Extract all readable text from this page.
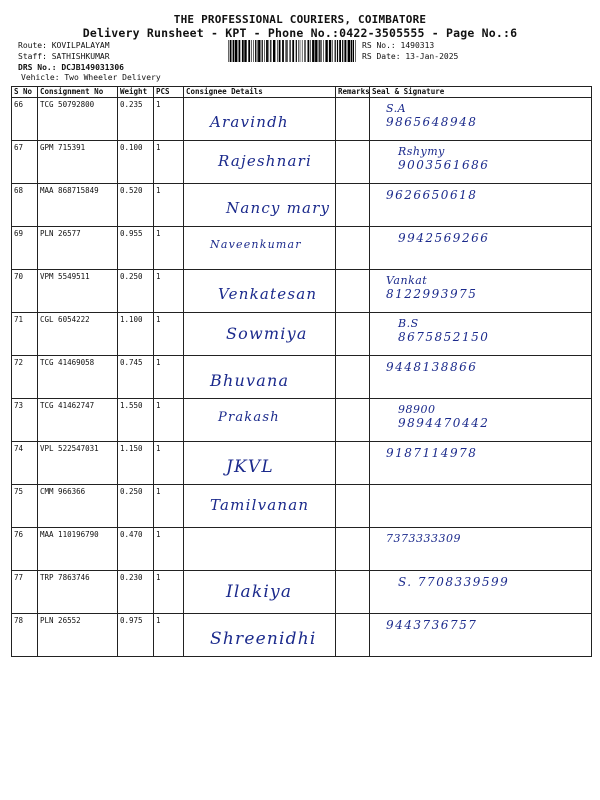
THE PROFESSIONAL COURIERS, COIMBATORE
Delivery Runsheet - KPT - Phone No.:0422-3505555 - Page No.:6
Route: KOVILPALAYAM
Staff: SATHISHKUMAR
DRS No.: DCJB149031306
Vehicle: Two Wheeler Delivery
RS No.: 1490313
RS Date: 13-Jan-2025
S No	Consignment No	Weight	PCS	Consignee Details	Remarks	Seal & Signature
66	TCG 50792800	0.235	1	Aravindh		S.A
9865648948

67	GPM 715391	0.100	1	Rajeshnari		Rshymy
9003561686

68	MAA 868715849	0.520	1	Nancy mary		9626650618

69	PLN 26577	0.955	1	Naveenkumar		9942569266

70	VPM 5549511	0.250	1	Venkatesan		Vankat
8122993975

71	CGL 6054222	1.100	1	Sowmiya		B.S
8675852150

72	TCG 41469058	0.745	1	Bhuvana		9448138866

73	TCG 41462747	1.550	1	Prakash		98900
9894470442

74	VPL 522547031	1.150	1	JKVL		9187114978

75	CMM 966366	0.250	1	Tamilvanan		

76	MAA 110196790	0.470	1			7373333309

77	TRP 7863746	0.230	1	Ilakiya		S. 7708339599

78	PLN 26552	0.975	1	Shreenidhi		9443736757
